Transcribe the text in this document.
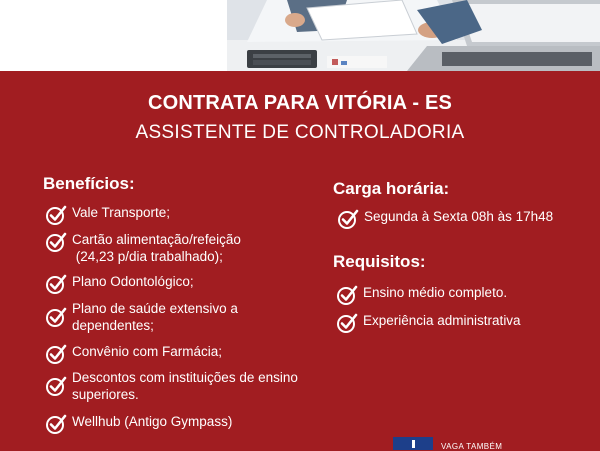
CONTRATA PARA VITÓRIA - ES
ASSISTENTE DE CONTROLADORIA
Benefícios:
Vale Transporte;
Cartão alimentação/refeição
(24,23 p/dia trabalhado);
Plano Odontológico;
Plano de saúde extensivo a
dependentes;
Convênio com Farmácia;
Descontos com instituições de ensino
superiores.
Wellhub (Antigo Gympass)
Carga horária:
Segunda à Sexta 08h às 17h48
Requisitos:
Ensino médio completo.
Experiência administrativa
VAGA TAMBÉM
